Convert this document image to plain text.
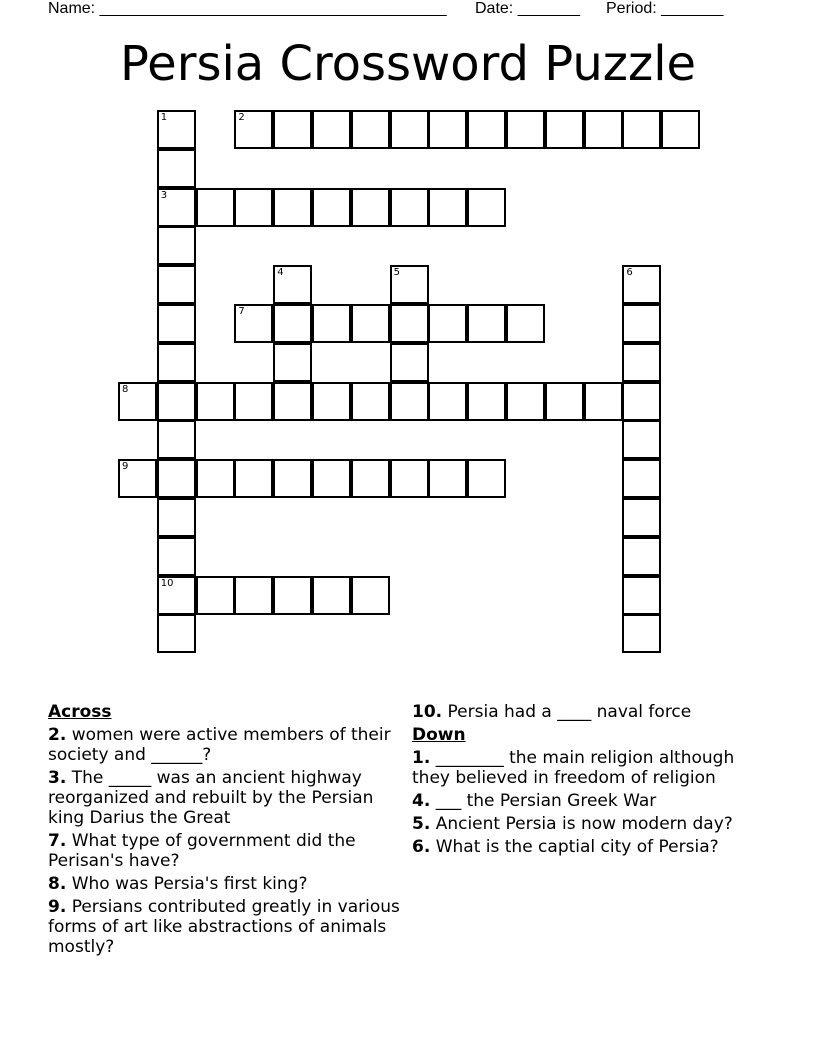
Name: _______________________________________ Date: _______ Period: _______
Persia Crossword Puzzle
1
3
10
2
4	5	6
7
8
9
Across
2. women were active members of their society and ______?
3. The _____ was an ancient highway reorganized and rebuilt by the Persian king Darius the Great
7. What type of government did the Perisan's have?
8. Who was Persia's first king?
9. Persians contributed greatly in various forms of art like abstractions of animals mostly?
10. Persia had a ____ naval force
Down
1. ________ the main religion although they believed in freedom of religion
4. ___ the Persian Greek War
5. Ancient Persia is now modern day?
6. What is the captial city of Persia?
